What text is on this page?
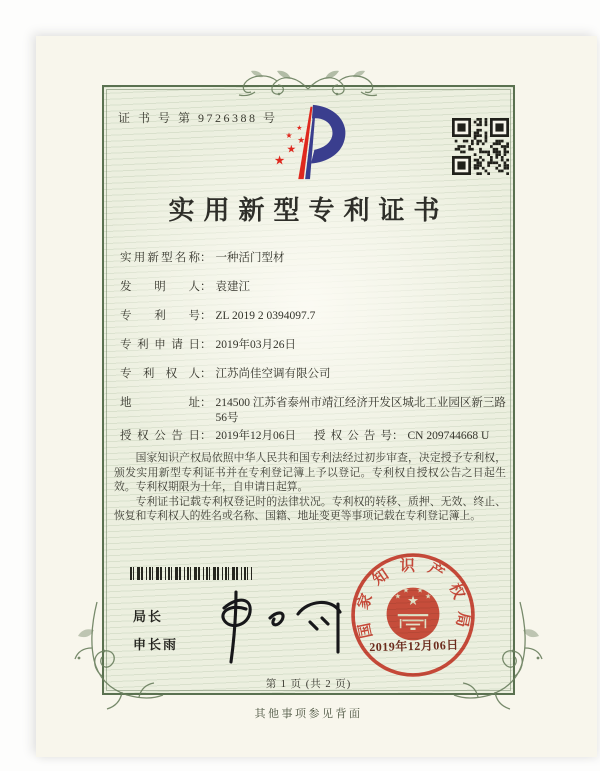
证 书 号 第 9726388 号
★
★
★
★
★
实用新型专利证书
实用新型名称 ： 一种活门型材
发明人 ： 袁建江
专利号 ： ZL 2019 2 0394097.7
专利申请日 ： 2019年03月26日
专利权人 ： 江苏尚佳空调有限公司
地址 ： 214500 江苏省泰州市靖江经济开发区城北工业园区新三路56号
授权公告日 ： 2019年12月06日 授权公告号 ： CN 209744668 U

国家知识产权局依照中华人民共和国专利法经过初步审查，决定授予专利权，颁发实用新型专利证书并在专利登记簿上予以登记。专利权自授权公告之日起生效。专利权期限为十年，自申请日起算。

专利证书记载专利权登记时的法律状况。专利权的转移、质押、无效、终止、恢复和专利权人的姓名或名称、国籍、地址变更等事项记载在专利登记簿上。

局长
申长雨
国家知识产权局
★
★
★ ★
★
2019年12月06日
第 1 页 (共 2 页)
其他事项参见背面
